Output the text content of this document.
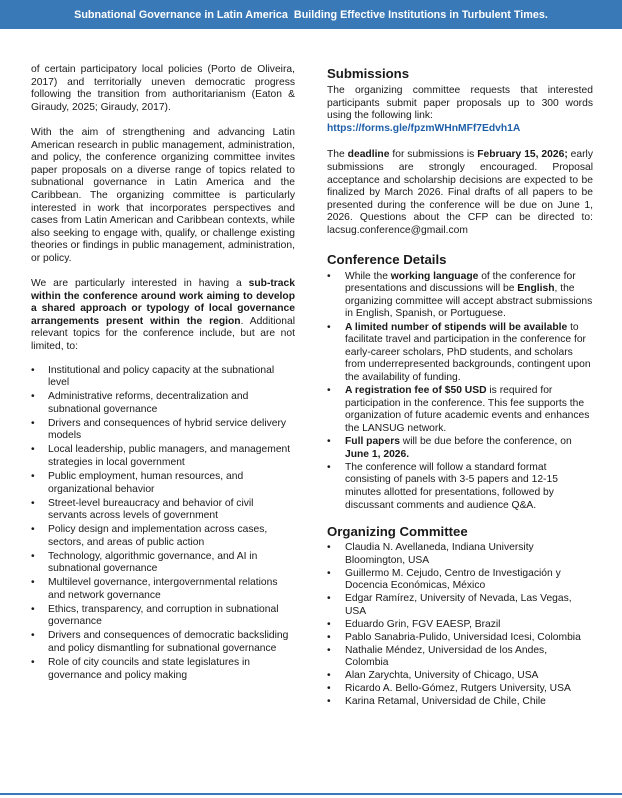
Subnational Governance in Latin America  Building Effective Institutions in Turbulent Times.

of certain participatory local policies (Porto de Oliveira, 2017) and territorially uneven democratic progress following the transition from authoritarianism (Eaton & Giraudy, 2025; Giraudy, 2017).

With the aim of strengthening and advancing Latin American research in public management, administration, and policy, the conference organizing committee invites paper proposals on a diverse range of topics related to subnational governance in Latin America and the Caribbean. The organizing committee is particularly interested in work that incorporates perspectives and cases from Latin American and Caribbean contexts, while also seeking to engage with, qualify, or challenge existing theories or findings in public management, administration, or policy.

We are particularly interested in having a sub-track within the conference around work aiming to develop a shared approach or typology of local governance arrangements present within the region. Additional relevant topics for the conference include, but are not limited, to:

• Institutional and policy capacity at the subnational level
• Administrative reforms, decentralization and subnational governance
• Drivers and consequences of hybrid service delivery models
• Local leadership, public managers, and management strategies in local government
• Public employment, human resources, and organizational behavior
• Street-level bureaucracy and behavior of civil servants across levels of government
• Policy design and implementation across cases, sectors, and areas of public action
• Technology, algorithmic governance, and AI in subnational governance
• Multilevel governance, intergovernmental relations and network governance
• Ethics, transparency, and corruption in subnational governance
• Drivers and consequences of democratic backsliding and policy dismantling for subnational governance
• Role of city councils and state legislatures in governance and policy making
Submissions

The organizing committee requests that interested participants submit paper proposals up to 300 words using the following link:

https://forms.gle/fpzmWHnMFf7Edvh1A

The deadline for submissions is February 15, 2026; early submissions are strongly encouraged. Proposal acceptance and scholarship decisions are expected to be finalized by March 2026. Final drafts of all papers to be presented during the conference will be due on June 1, 2026. Questions about the CFP can be directed to: lacsug.conference@gmail.com

Conference Details
• While the working language of the conference for presentations and discussions will be English, the organizing committee will accept abstract submissions in English, Spanish, or Portuguese.
• A limited number of stipends will be available to facilitate travel and participation in the conference for early-career scholars, PhD students, and scholars from underrepresented backgrounds, contingent upon the availability of funding.
• A registration fee of $50 USD is required for participation in the conference. This fee supports the organization of future academic events and enhances the LANSUG network.
• Full papers will be due before the conference, on June 1, 2026.
• The conference will follow a standard format consisting of panels with 3-5 papers and 12-15 minutes allotted for presentations, followed by discussant comments and audience Q&A.
Organizing Committee
• Claudia N. Avellaneda, Indiana University Bloomington, USA
• Guillermo M. Cejudo, Centro de Investigación y Docencia Económicas, México
• Edgar Ramírez, University of Nevada, Las Vegas, USA
• Eduardo Grin, FGV EAESP, Brazil
• Pablo Sanabria-Pulido, Universidad Icesi, Colombia
• Nathalie Méndez, Universidad de los Andes, Colombia
• Alan Zarychta, University of Chicago, USA
• Ricardo A. Bello-Gómez, Rutgers University, USA
• Karina Retamal, Universidad de Chile, Chile
